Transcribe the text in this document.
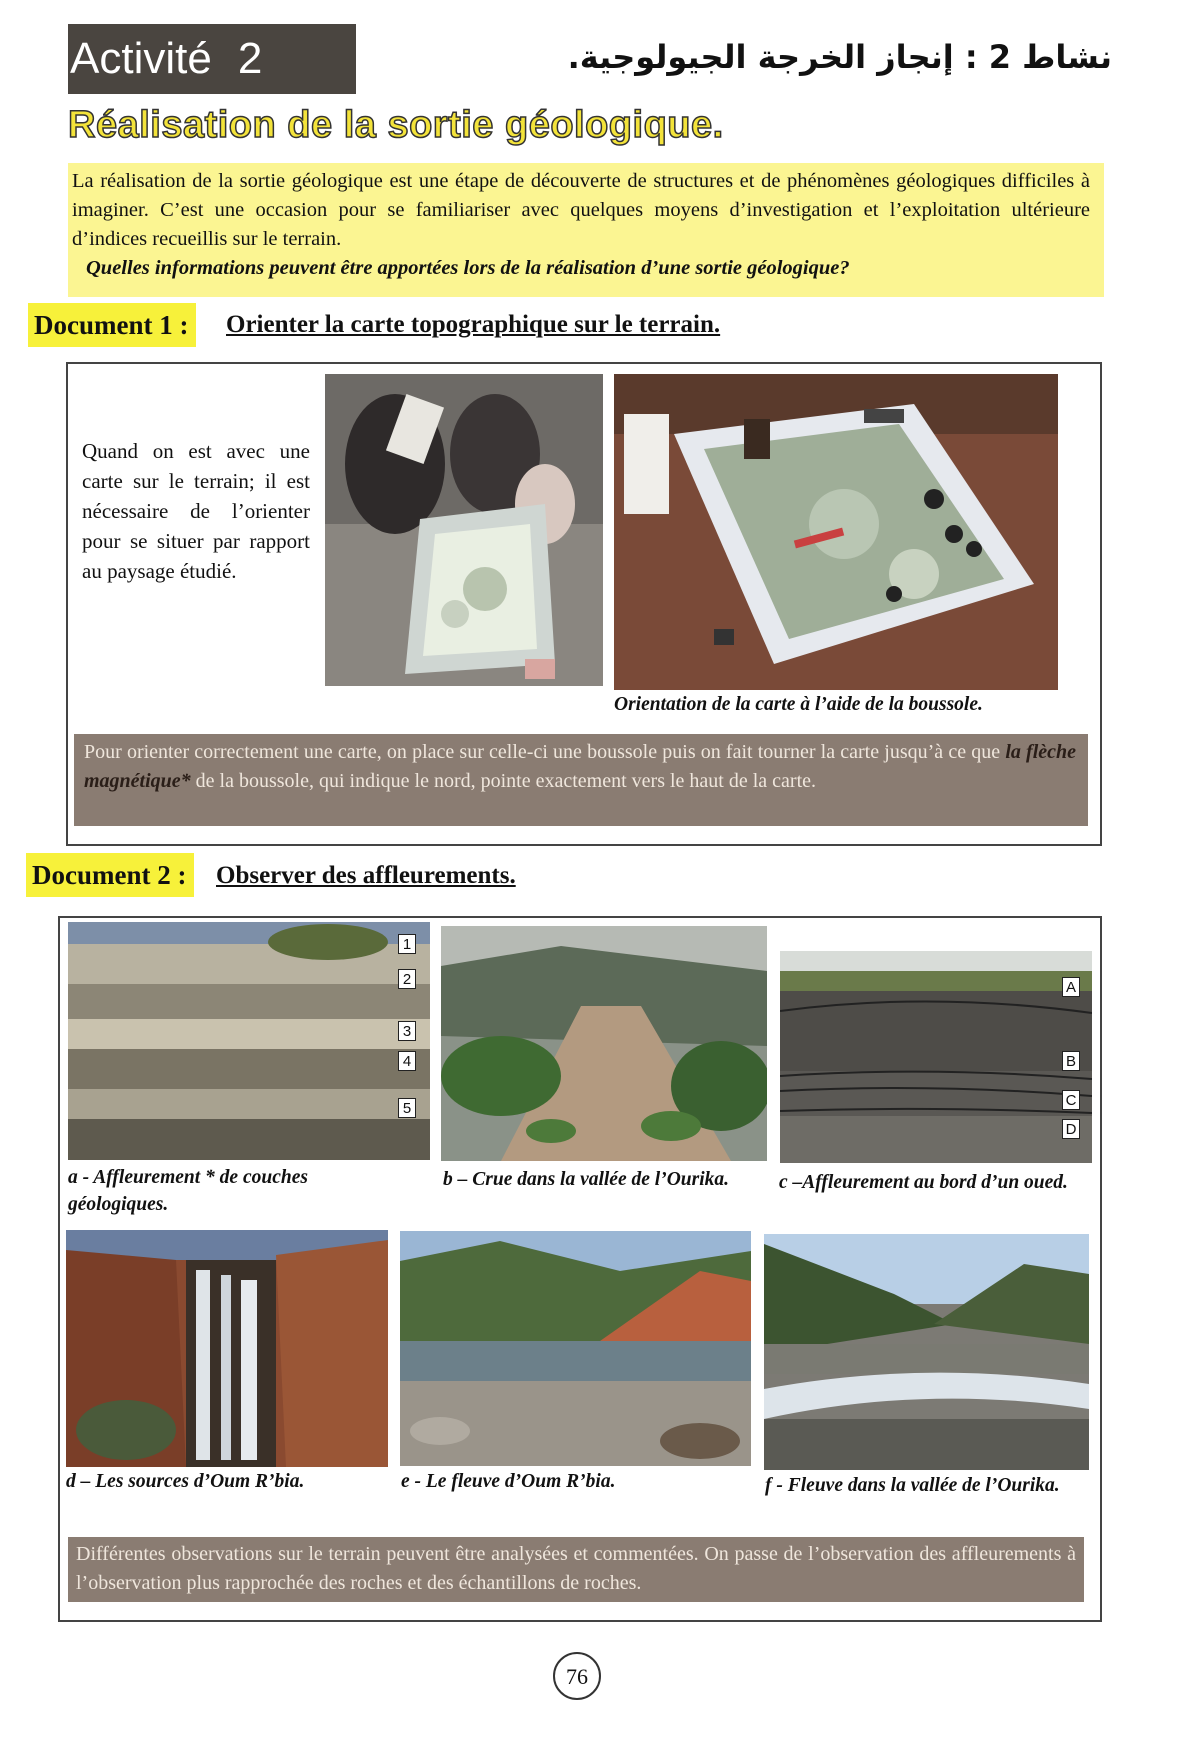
Activité 2	نشاط 2 : إنجاز الخرجة الجيولوجية.
Réalisation de la sortie géologique.
La réalisation de la sortie géologique est une étape de découverte de structures et de phénomènes géologiques difficiles à imaginer. C’est une occasion pour se familiariser avec quelques moyens d’investigation et l’exploitation ultérieure d’indices recueillis sur le terrain.
Quelles informations peuvent être apportées lors de la réalisation d’une sortie géologique?
Document 1 :	Orienter la carte topographique sur le terrain.
Quand on est avec une carte sur le terrain; il est nécessaire de l’orienter pour se situer par rapport au paysage étudié.
Orientation de la carte à l’aide de la boussole.
Pour orienter correctement une carte, on place sur celle-ci une boussole puis on fait tourner la carte jusqu’à ce que la flèche magnétique* de la boussole, qui indique le nord, pointe exactement vers le haut de la carte.
Document 2 :	Observer des affleurements.
1
2
3
4
5
A
B
C
D
a - Affleurement * de couches géologiques.
b – Crue dans la vallée de l’Ourika.	c –Affleurement au bord d’un oued.
d – Les sources d’Oum R’bia.	e - Le fleuve d’Oum R’bia.	f - Fleuve dans la vallée de l’Ourika.
Différentes observations sur le terrain peuvent être analysées et commentées. On passe de l’observation des affleurements à l’observation plus rapprochée des roches et des échantillons de roches.
76
